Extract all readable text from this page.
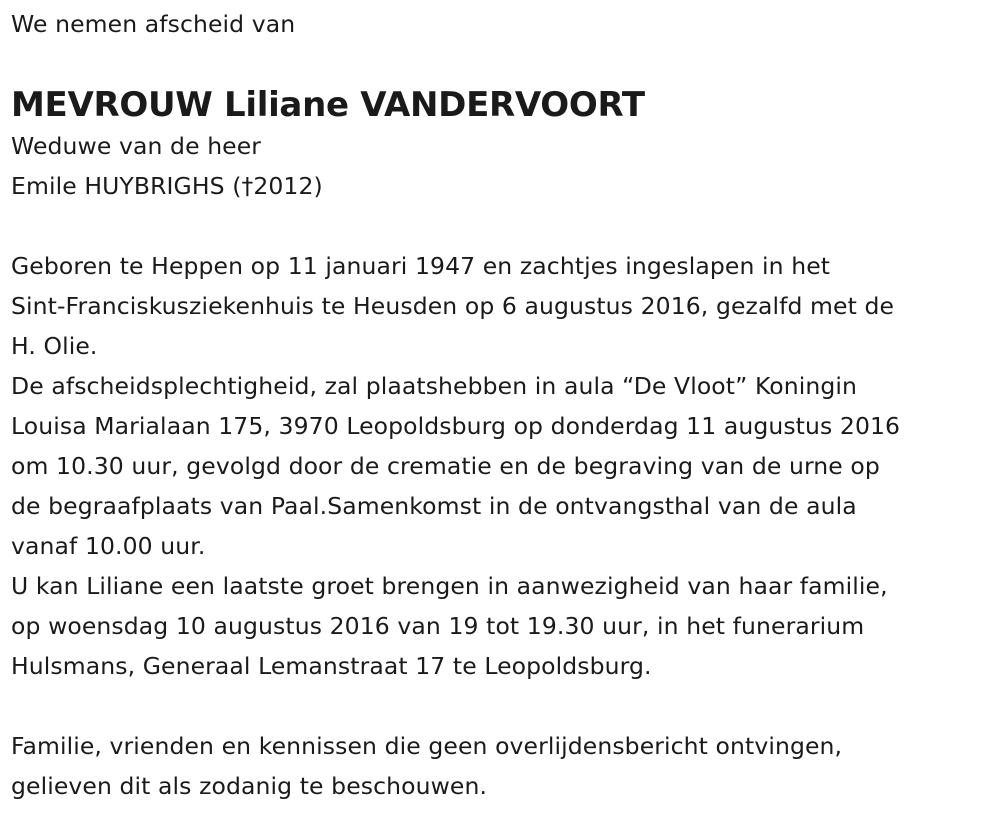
We nemen afscheid van
MEVROUW Liliane VANDERVOORT
Weduwe van de heer
Emile HUYBRIGHS (†2012)
Geboren te Heppen op 11 januari 1947 en zachtjes ingeslapen in het
Sint-Franciskusziekenhuis te Heusden op 6 augustus 2016, gezalfd met de
H. Olie.
De afscheidsplechtigheid, zal plaatshebben in aula “De Vloot” Koningin
Louisa Marialaan 175, 3970 Leopoldsburg op donderdag 11 augustus 2016
om 10.30 uur, gevolgd door de crematie en de begraving van de urne op
de begraafplaats van Paal.Samenkomst in de ontvangsthal van de aula
vanaf 10.00 uur.
U kan Liliane een laatste groet brengen in aanwezigheid van haar familie,
op woensdag 10 augustus 2016 van 19 tot 19.30 uur, in het funerarium
Hulsmans, Generaal Lemanstraat 17 te Leopoldsburg.
Familie, vrienden en kennissen die geen overlijdensbericht ontvingen,
gelieven dit als zodanig te beschouwen.
